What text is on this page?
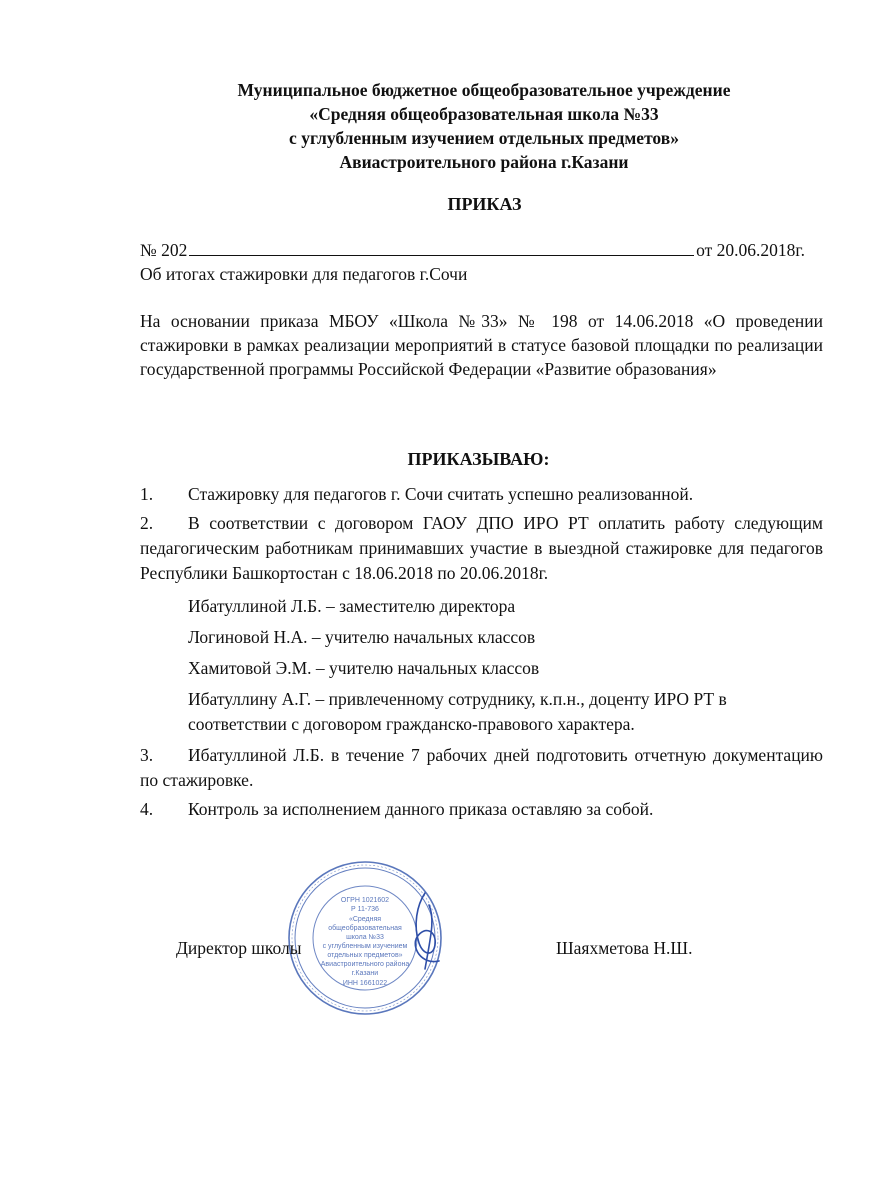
Муниципальное бюджетное общеобразовательное учреждение
«Средняя общеобразовательная школа №33
с углубленным изучением отдельных предметов»
Авиастроительного района г.Казани
ПРИКАЗ
№ 202	от 20.06.2018г.
Об итогах стажировки для педагогов г.Сочи
На основании приказа МБОУ «Школа №33» № 198 от 14.06.2018 «О проведении стажировки в рамках реализации мероприятий в статусе базовой площадки по реализации государственной программы Российской Федерации «Развитие образования»
ПРИКАЗЫВАЮ:
1.	Стажировку для педагогов г. Сочи считать успешно реализованной.
2.	В соответствии с договором ГАОУ ДПО ИРО РТ оплатить работу следующим педагогическим работникам принимавших участие в выездной стажировке для педагогов Республики Башкортостан с 18.06.2018 по 20.06.2018г.
Ибатуллиной Л.Б. – заместителю директора
Логиновой Н.А. – учителю начальных классов
Хамитовой Э.М. – учителю начальных классов
Ибатуллину А.Г. – привлеченному сотруднику, к.п.н., доценту ИРО РТ в соответствии с договором гражданско-правового характера.
3.	Ибатуллиной Л.Б. в течение 7 рабочих дней подготовить отчетную документацию по стажировке.
4.	Контроль за исполнением данного приказа оставляю за собой.
ОГРН 1021602
Р 11-736
«Средняя
общеобразовательная
школа №33
с углубленным изучением
отдельных предметов»
Авиастроительного района
г.Казани
ИНН 1661022
Директор школы	Шаяхметова Н.Ш.
